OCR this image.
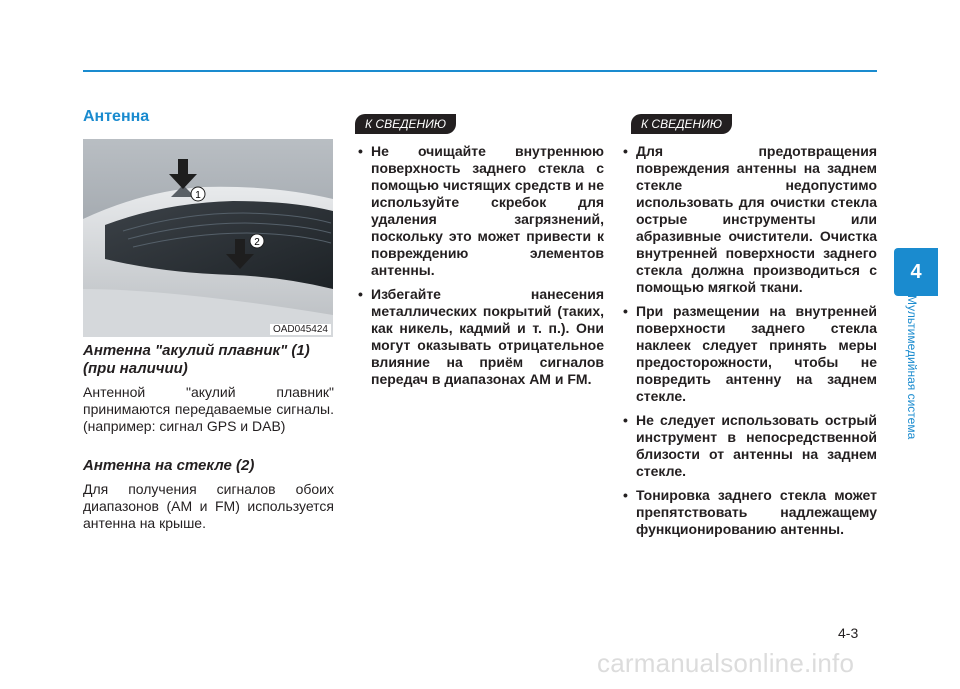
Антенна
1
2
OAD045424
Антенна "акулий плавник" (1) (при наличии)
Антенной "акулий плавник" принимаются передаваемые сигналы. (например: сигнал GPS и DAB)
Антенна на стекле (2)
Для получения сигналов обоих диапазонов (AM и FM) используется антенна на крыше.
К СВЕДЕНИЮ	К СВЕДЕНИЮ
• Не очищайте внутреннюю поверхность заднего стекла с помощью чистящих средств и не используйте скребок для удаления загрязнений, поскольку это может привести к повреждению элементов антенны.
• Избегайте нанесения металлических покрытий (таких, как никель, кадмий и т. п.). Они могут оказывать отрицательное влияние на приём сигналов передач в диапазонах AM и FM.
• Для предотвращения повреждения антенны на заднем стекле недопустимо использовать для очистки стекла острые инструменты или абразивные очистители. Очистка внутренней поверхности заднего стекла должна производиться с помощью мягкой ткани.
• При размещении на внутренней поверхности заднего стекла наклеек следует принять меры предосторожности, чтобы не повредить антенну на заднем стекле.
• Не следует использовать острый инструмент в непосредственной близости от антенны на заднем стекле.
• Тонировка заднего стекла может препятствовать надлежащему функционированию антенны.
4
Мультимедийная система
4-3
carmanualsonline.info
